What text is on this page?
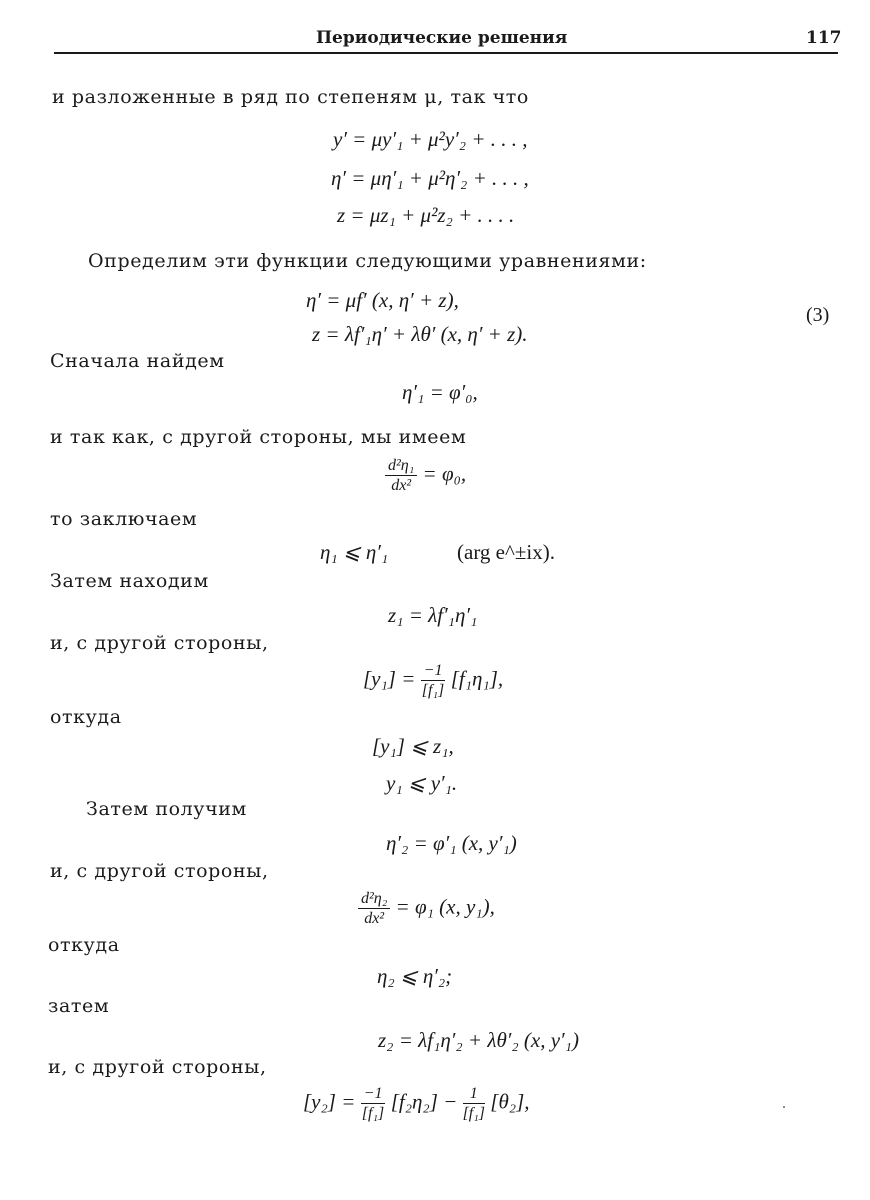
Периодические решения	117
и разложенные в ряд по степеням μ, так что
y′ = μy′₁ + μ²y′₂ + . . . ,
η′ = μη′₁ + μ²η′₂ + . . . ,
z = μz₁ + μ²z₂ + . . . .
Определим эти функции следующими уравнениями:
η′ = μf′ (x, η′ + z),
z = λf′₁η′ + λθ′ (x, η′ + z).
(3)
Сначала найдем
η′₁ = φ′₀,
и так как, с другой стороны, мы имеем
$\frac{\text{d²η₁}}{\text{dx²}} = \varphi_0$,
то заключаем
η₁ ⩽ η′₁	(arg e^±ix).
Затем находим
z₁ = λf′₁η′₁
и, с другой стороны,
$[y_1] = \frac{-1}{\text{[f₁]}} [f_1\eta_1]$,
откуда
[y₁] ⩽ z₁,
y₁ ⩽ y′₁.
Затем получим
η′₂ = φ′₁ (x, y′₁)
и, с другой стороны,
$\frac{\text{d²η₂}}{\text{dx²}} = \varphi_1$ (x, y₁),
откуда
η₂ ⩽ η′₂;
затем
z₂ = λf₁η′₂ + λθ′₂ (x, y′₁)
и, с другой стороны,
$[y_2] = \frac{-1}{\text{[f₁]}} [f_2\eta_2] - \frac{1}{\text{[f₁]}} [\theta_2]$,
